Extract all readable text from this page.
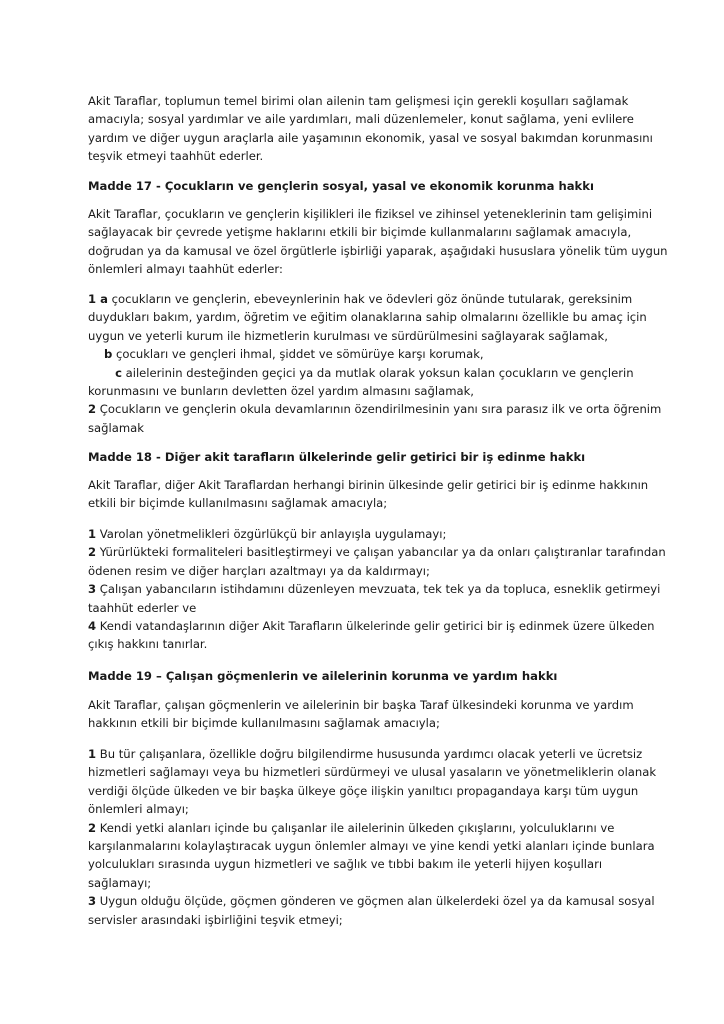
Akit Taraflar, toplumun temel birimi olan ailenin tam gelişmesi için gerekli koşulları sağlamak
amacıyla; sosyal yardımlar ve aile yardımları, mali düzenlemeler, konut sağlama, yeni evlilere
yardım ve diğer uygun araçlarla aile yaşamının ekonomik, yasal ve sosyal bakımdan korunmasını
teşvik etmeyi taahhüt ederler.
Madde 17 - Çocukların ve gençlerin sosyal, yasal ve ekonomik korunma hakkı
Akit Taraflar, çocukların ve gençlerin kişilikleri ile fiziksel ve zihinsel yeteneklerinin tam gelişimini
sağlayacak bir çevrede yetişme haklarını etkili bir biçimde kullanmalarını sağlamak amacıyla,
doğrudan ya da kamusal ve özel örgütlerle işbirliği yaparak, aşağıdaki hususlara yönelik tüm uygun
önlemleri almayı taahhüt ederler:
1 a çocukların ve gençlerin, ebeveynlerinin hak ve ödevleri göz önünde tutularak, gereksinim
duydukları bakım, yardım, öğretim ve eğitim olanaklarına sahip olmalarını özellikle bu amaç için
uygun ve yeterli kurum ile hizmetlerin kurulması ve sürdürülmesini sağlayarak sağlamak,
b çocukları ve gençleri ihmal, şiddet ve sömürüye karşı korumak,
c ailelerinin desteğinden geçici ya da mutlak olarak yoksun kalan çocukların ve gençlerin
korunmasını ve bunların devletten özel yardım almasını sağlamak,
2 Çocukların ve gençlerin okula devamlarının özendirilmesinin yanı sıra parasız ilk ve orta öğrenim
sağlamak
Madde 18 - Diğer akit tarafların ülkelerinde gelir getirici bir iş edinme hakkı
Akit Taraflar, diğer Akit Taraflardan herhangi birinin ülkesinde gelir getirici bir iş edinme hakkının
etkili bir biçimde kullanılmasını sağlamak amacıyla;
1 Varolan yönetmelikleri özgürlükçü bir anlayışla uygulamayı;
2 Yürürlükteki formaliteleri basitleştirmeyi ve çalışan yabancılar ya da onları çalıştıranlar tarafından
ödenen resim ve diğer harçları azaltmayı ya da kaldırmayı;
3 Çalışan yabancıların istihdamını düzenleyen mevzuata, tek tek ya da topluca, esneklik getirmeyi
taahhüt ederler ve
4 Kendi vatandaşlarının diğer Akit Tarafların ülkelerinde gelir getirici bir iş edinmek üzere ülkeden
çıkış hakkını tanırlar.
Madde 19 – Çalışan göçmenlerin ve ailelerinin korunma ve yardım hakkı
Akit Taraflar, çalışan göçmenlerin ve ailelerinin bir başka Taraf ülkesindeki korunma ve yardım
hakkının etkili bir biçimde kullanılmasını sağlamak amacıyla;
1 Bu tür çalışanlara, özellikle doğru bilgilendirme hususunda yardımcı olacak yeterli ve ücretsiz
hizmetleri sağlamayı veya bu hizmetleri sürdürmeyi ve ulusal yasaların ve yönetmeliklerin olanak
verdiği ölçüde ülkeden ve bir başka ülkeye göçe ilişkin yanıltıcı propagandaya karşı tüm uygun
önlemleri almayı;
2 Kendi yetki alanları içinde bu çalışanlar ile ailelerinin ülkeden çıkışlarını, yolculuklarını ve
karşılanmalarını kolaylaştıracak uygun önlemler almayı ve yine kendi yetki alanları içinde bunlara
yolculukları sırasında uygun hizmetleri ve sağlık ve tıbbi bakım ile yeterli hijyen koşulları
sağlamayı;
3 Uygun olduğu ölçüde, göçmen gönderen ve göçmen alan ülkelerdeki özel ya da kamusal sosyal
servisler arasındaki işbirliğini teşvik etmeyi;
